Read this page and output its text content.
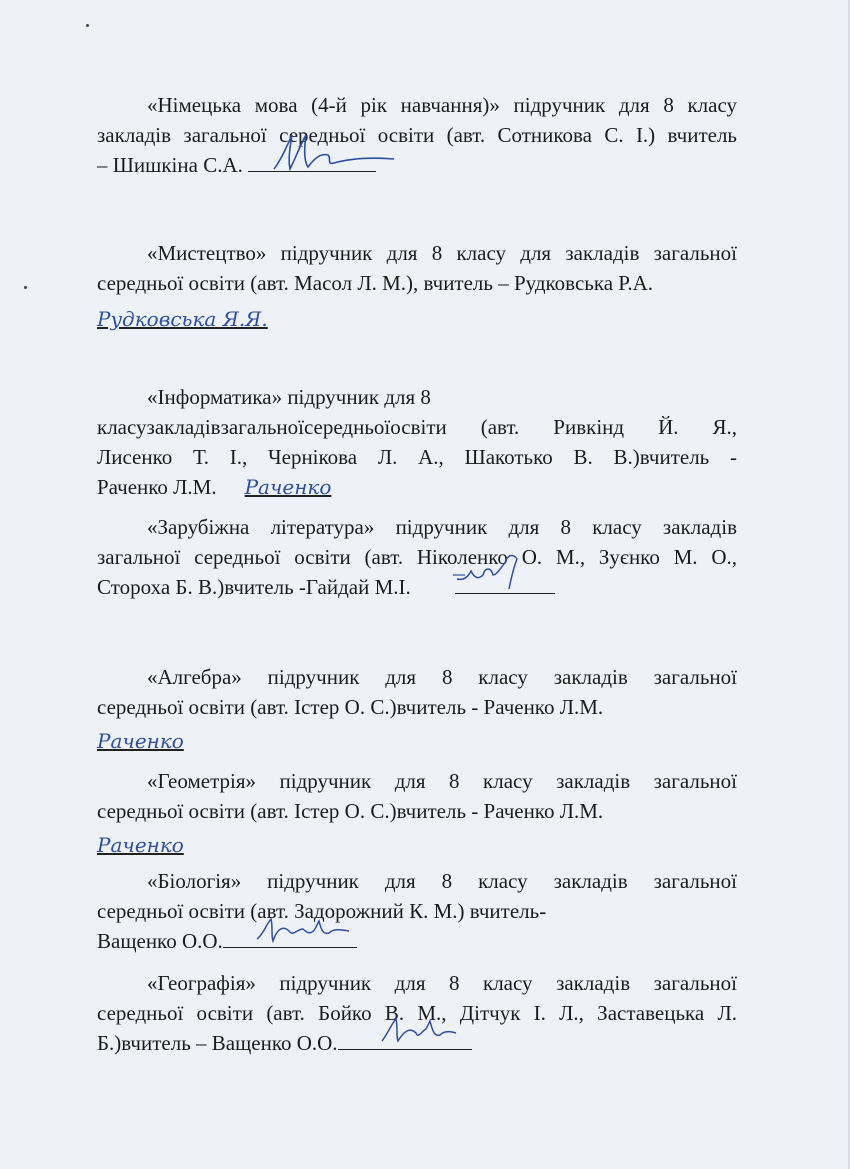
«Німецька мова (4-й рік навчання)» підручник для 8 класу
закладів загальної середньої освіти (авт. Сотникова С. І.) вчитель
– Шишкіна С.А.
«Мистецтво» підручник для 8 класу для закладів загальної
середньої освіти (авт. Масол Л. М.), вчитель – Рудковська Р.А.
Рудковська Я.Я.
«Інформатика» підручник для 8
класузакладівзагальноїсередньоїосвіти (авт. Ривкінд Й. Я.,
Лисенко Т. І., Чернікова Л. А., Шакотько В. В.)вчитель -
Раченко Л.М. Раченко
«Зарубіжна література» підручник для 8 класу закладів
загальної середньої освіти (авт. Ніколенко О. М., Зуєнко М. О.,
Стороха Б. В.)вчитель -Гайдай М.І.
«Алгебра» підручник для 8 класу закладів загальної
середньої освіти (авт. Істер О. С.)вчитель - Раченко Л.М.
Раченко
«Геометрія» підручник для 8 класу закладів загальної
середньої освіти (авт. Істер О. С.)вчитель - Раченко Л.М.
Раченко
«Біологія» підручник для 8 класу закладів загальної
середньої освіти (авт. Задорожний К. М.) вчитель-
Ващенко О.О.
«Географія» підручник для 8 класу закладів загальної
середньої освіти (авт. Бойко В. М., Дітчук І. Л., Заставецька Л.
Б.)вчитель – Ващенко О.О.
